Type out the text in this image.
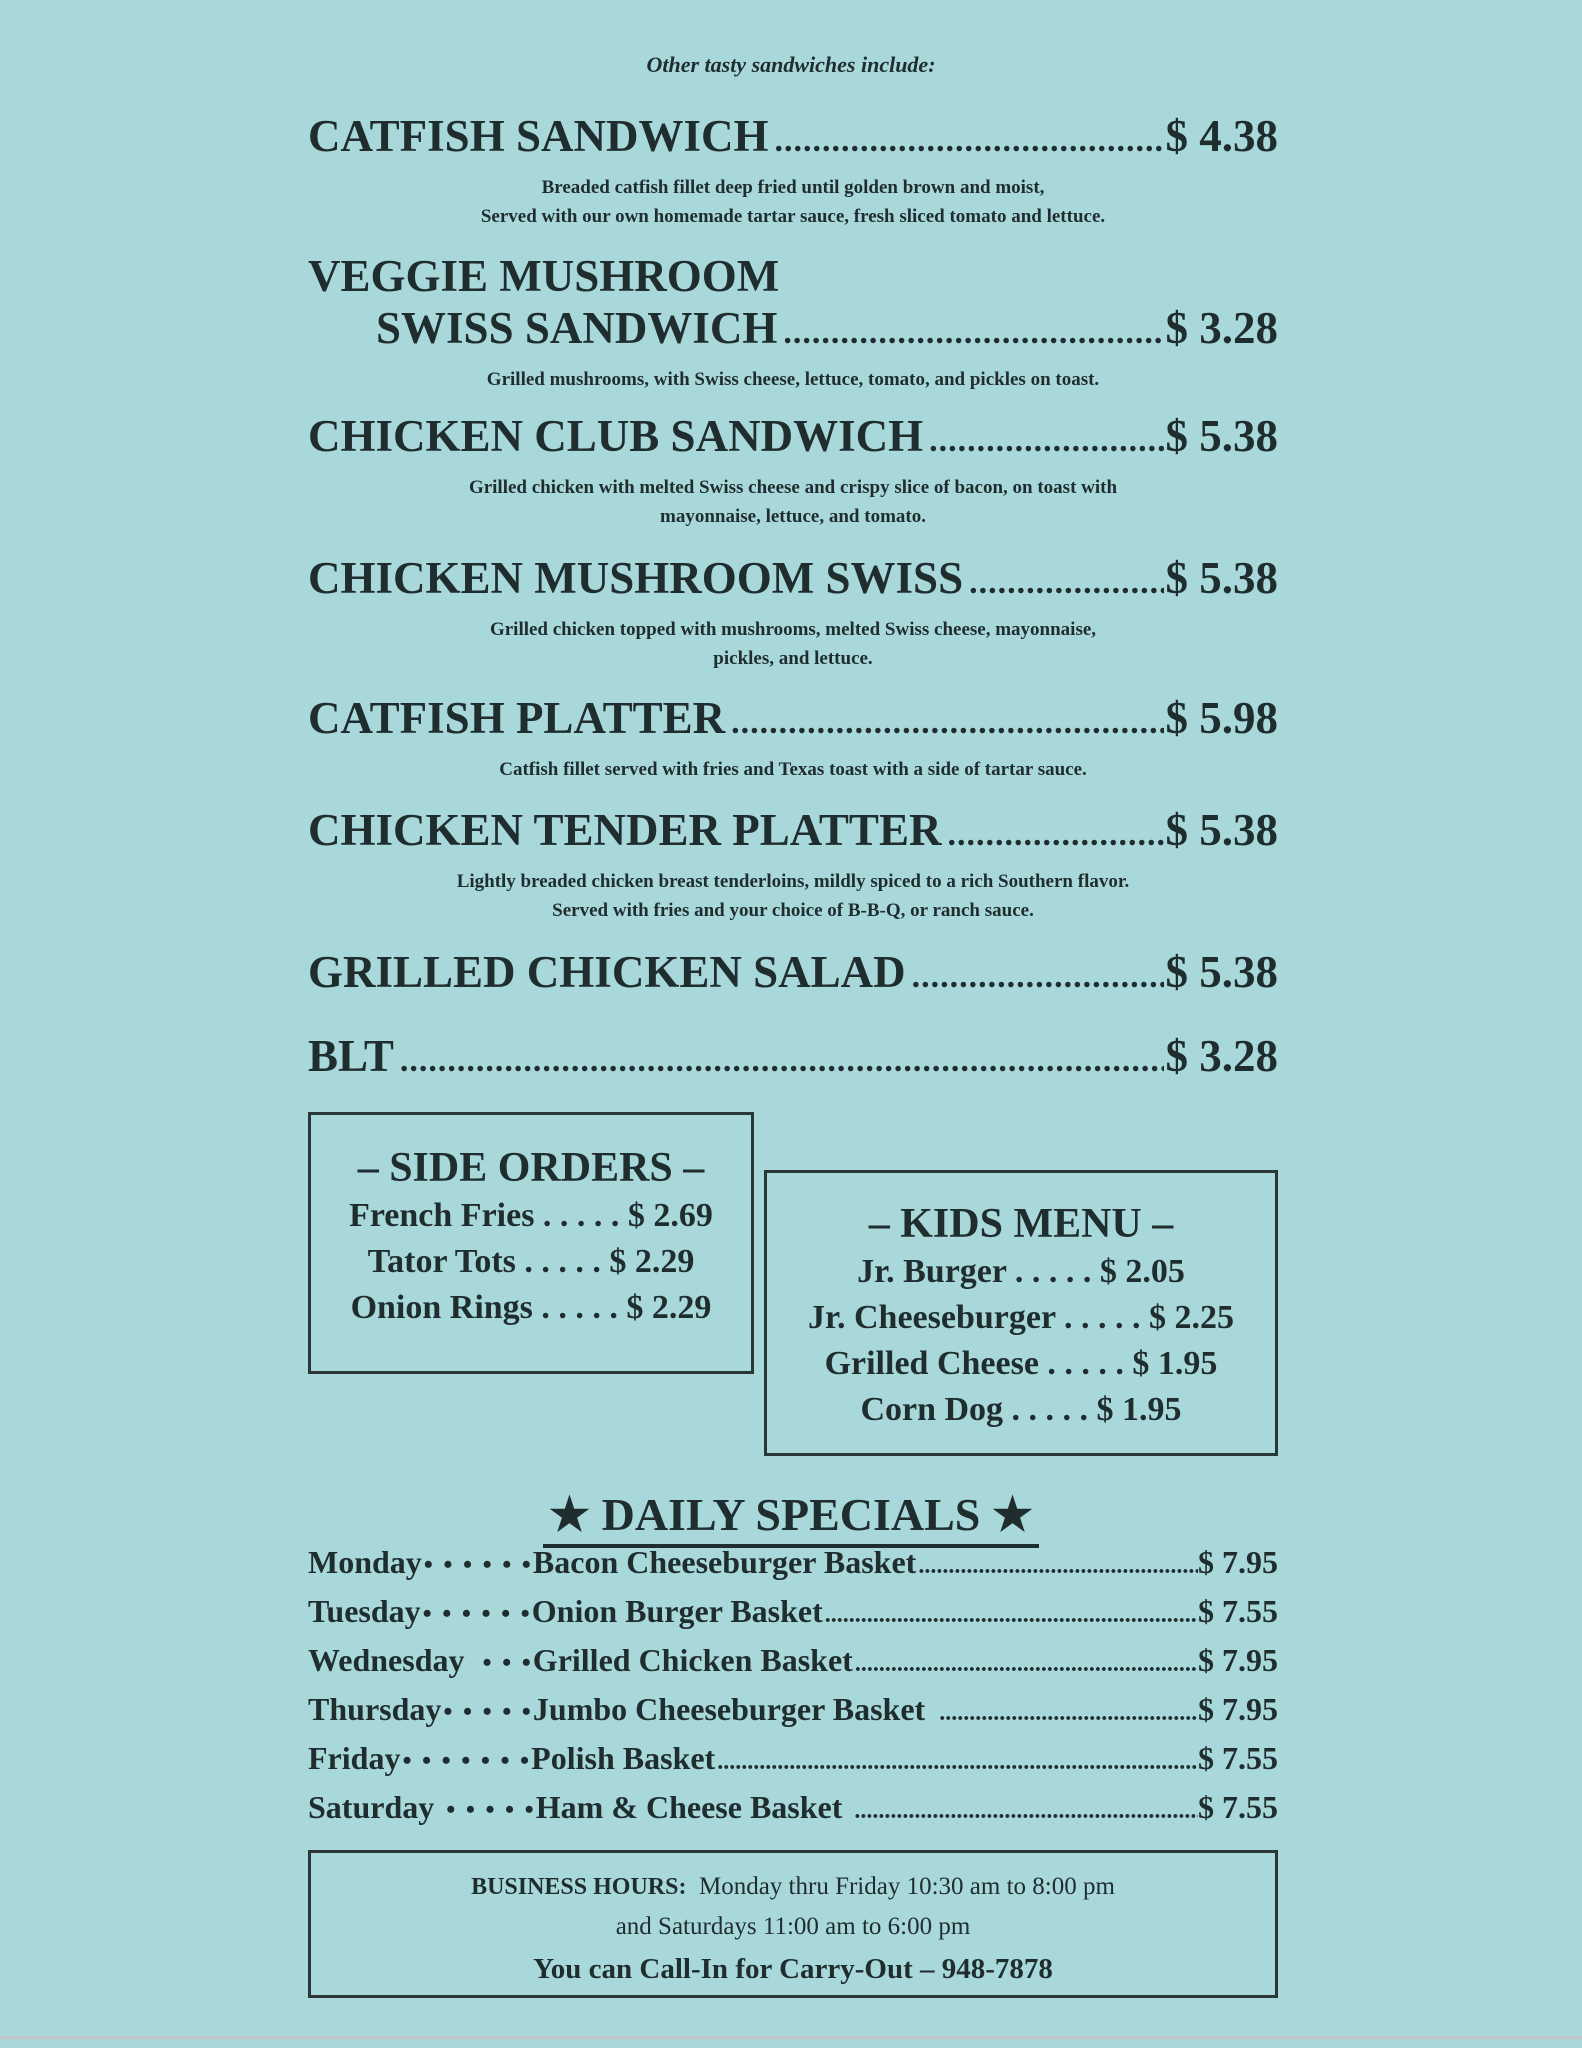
Other tasty sandwiches include:
CATFISH SANDWICH .....	$ 4.38
Breaded catfish fillet deep fried until golden brown and moist,
Served with our own homemade tartar sauce, fresh sliced tomato and lettuce.
VEGGIE MUSHROOM
SWISS SANDWICH .....	$ 3.28
Grilled mushrooms, with Swiss cheese, lettuce, tomato, and pickles on toast.
CHICKEN CLUB SANDWICH .....	$ 5.38
Grilled chicken with melted Swiss cheese and crispy slice of bacon, on toast with
mayonnaise, lettuce, and tomato.
CHICKEN MUSHROOM SWISS .....	$ 5.38
Grilled chicken topped with mushrooms, melted Swiss cheese, mayonnaise,
pickles, and lettuce.
CATFISH PLATTER .....	$ 5.98
Catfish fillet served with fries and Texas toast with a side of tartar sauce.
CHICKEN TENDER PLATTER .....	$ 5.38
Lightly breaded chicken breast tenderloins, mildly spiced to a rich Southern flavor.
Served with fries and your choice of B-B-Q, or ranch sauce.
GRILLED CHICKEN SALAD .....	$ 5.38
BLT .....	$ 3.28
– SIDE ORDERS –
French Fries . . . . . $ 2.69
Tator Tots . . . . . $ 2.29
Onion Rings . . . . . $ 2.29
– KIDS MENU –
Jr. Burger . . . . . $ 2.05
Jr. Cheeseburger . . . . . $ 2.25
Grilled Cheese . . . . . $ 1.95
Corn Dog . . . . . $ 1.95
★ DAILY SPECIALS ★
Monday • • • • • • Bacon Cheeseburger Basket .....	$ 7.95
Tuesday • • • • • • Onion Burger Basket .....	$ 7.55
Wednesday • • • Grilled Chicken Basket .....	$ 7.95
Thursday • • • • • Jumbo Cheeseburger Basket .....	$ 7.95
Friday • • • • • • • Polish Basket .....	$ 7.55
Saturday • • • • • Ham & Cheese Basket .....	$ 7.55
BUSINESS HOURS: Monday thru Friday 10:30 am to 8:00 pm
and Saturdays 11:00 am to 6:00 pm
You can Call-In for Carry-Out – 948-7878
